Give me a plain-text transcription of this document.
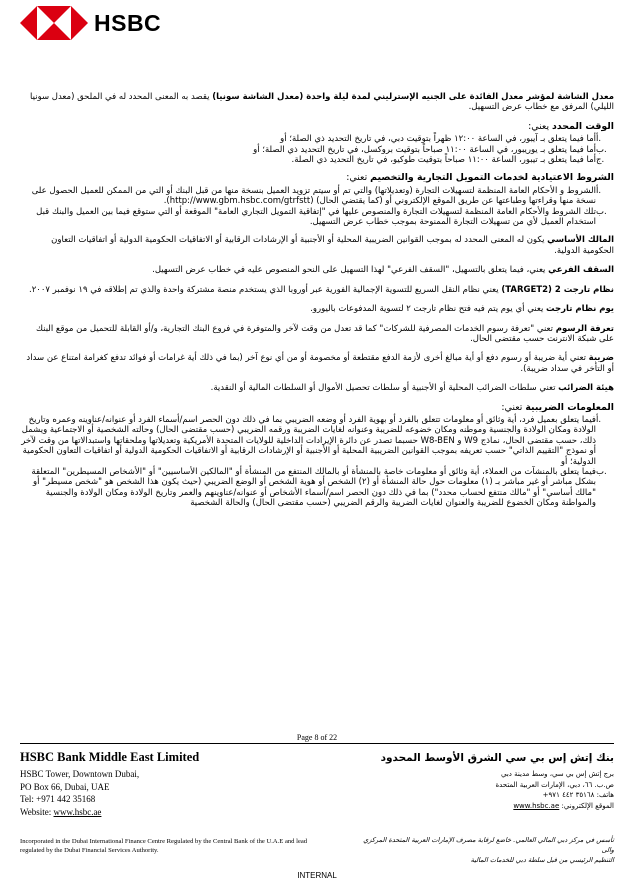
HSBC

معدل الشاشة لمؤشر معدل الفائدة على الجنيه الإسترليني لمدة ليلة واحدة (معدل الشاشة سونيا) يقصد به المعنى المحدد له في الملحق (معدل سونيا الليلي) المرفق مع خطاب عرض التسهيل.

الوقت المحدد يعني:
أ.
أما فيما يتعلق بـ آيبور، في الساعة ١٢:٠٠ ظهراً بتوقيت دبي، في تاريخ التحديد ذي الصلة؛ أو
ب.
أما فيما يتعلق بـ يوريبور، في الساعة ١١:٠٠ صباحاً بتوقيت بروكسل، في تاريخ التحديد ذي الصلة؛ أو
ج.
أما فيما يتعلق بـ تيبور، الساعة ١١:٠٠ صباحاً بتوقيت طوكيو، في تاريخ التحديد ذي الصلة.
الشروط الاعتيادية لخدمات التمويل التجارية والتخصيم تعني:
أ.
الشروط و الأحكام العامة المنظمة لتسهيلات التجارة (وتعديلاتها) والتي تم أو سيتم تزويد العميل بنسخة منها من قبل البنك أو التي من الممكن للعميل الحصول على نسخة منها وقراءتها وطباعتها عن طريق الموقع الإلكتروني أو (كما يقتضي الحال) (http://www.gbm.hsbc.com/gtrfstt).
ب.
تلك الشروط والأحكام العامة المنظمة لتسهيلات التجارة والمنصوص عليها في "إتفاقية التمويل التجاري العامة" الموقعة أو التي ستوقع فيما بين العميل والبنك قبل استخدام العميل لأي من تسهيلات التجارة الممنوحة بموجب خطاب عرض التسهيل.

المالك الأساسي يكون له المعنى المحدد له بموجب القوانين الضريبية المحلية أو الأجنبية أو الإرشادات الرقابية أو الاتفاقيات الحكومية الدولية أو اتفاقيات التعاون الحكومية الدولية.

السقف الفرعي يعني، فيما يتعلق بالتسهيل، "السقف الفرعي" لهذا التسهيل على النحو المنصوص عليه في خطاب عرض التسهيل.

نظام تارجت 2 (TARGET2) يعني نظام النقل السريع للتسوية الإجمالية الفورية عبر أوروبا الذي يستخدم منصة مشتركة واحدة والذي تم إطلاقه في ١٩ نوفمبر ٢٠٠٧.

يوم نظام تارجت يعني أي يوم يتم فيه فتح نظام تارجت ٢ لتسوية المدفوعات باليورو.

تعرفة الرسوم تعني "تعرفة رسوم الخدمات المصرفية للشركات" كما قد تعدل من وقت لآخر والمتوفرة في فروع البنك التجارية، و/أو القابلة للتحميل من موقع البنك على شبكة الانترنت حسب مقتضى الحال.

ضريبة تعني أية ضريبة أو رسوم دفع أو أية مبالغ أخرى لأزمة الدفع مقتطعة أو مخصومة أو من أي نوع آخر (بما في ذلك أية غرامات أو فوائد تدفع كغرامة امتناع عن سداد أو التأخر في سداد ضريبة).

هيئة الضرائب تعني سلطات الضرائب المحلية أو الأجنبية أو سلطات تحصيل الأموال أو السلطات المالية أو النقدية.

المعلومات الضريبية تعني:
أ.
فيما يتعلق بعميل فرد، أية وثائق أو معلومات تتعلق بالفرد أو بهوية الفرد أو وضعه الضريبي بما في ذلك دون الحصر اسم/أسماء الفرد أو عنوانه/عناوينه وعمره وتاريخ الولادة ومكان الولادة والجنسية وموطنه ومكان خضوعه للضريبة وعنوانه لغايات الضريبة ورقمه الضريبي (حسب مقتضى الحال) وحالته الشخصية أو الاجتماعية ويشمل ذلك، حسب مقتضى الحال، نماذج W9 و W8-BEN حسبما تصدر عن دائرة الإيرادات الداخلية للولايات المتحدة الأمريكية وتعديلاتها وملحقاتها واستبدالاتها من وقت لآخر أو نموذج "التقييم الذاتي" حسب تعريفه بموجب القوانين الضريبية المحلية أو الأجنبية أو الإرشادات الرقابية أو الاتفاقيات الحكومية الدولية أو اتفاقيات التعاون الحكومية الدولية؛ أو
ب.
فيما يتعلق بالمنشآت من العملاء، أية وثائق أو معلومات خاصة بالمنشأة أو بالمالك المنتفع من المنشأة أو "المالكين الأساسيين" أو "الأشخاص المسيطرين" المتعلقة بشكل مباشر أو غير مباشر بـ (١) معلومات حول حالة المنشأة أو (٢) الشخص أو هوية الشخص أو الوضع الضريبي (حيث يكون هذا الشخص هو "شخص مسيطر" أو "مالك أساسي" أو "مالك منتفع لحساب محدد") بما في ذلك دون الحصر اسم/أسماء الأشخاص أو عنوانه/عناوينهم والعمر وتاريخ الولادة ومكان الولادة والجنسية والمواطنة ومكان الخضوع للضريبة والعنوان لغايات الضريبة والرقم الضريبي (حسب مقتضى الحال) والحالة الشخصية
Page 8 of 22
HSBC Bank Middle East Limited
HSBC Tower, Downtown Dubai,
PO Box 66, Dubai, UAE
Tel: +971 442 35168
Website: www.hsbc.ae
بنك إتش إس بي سي الشرق الأوسط المحدود
برج إتش إس بي سي، وسط مدينة دبي
ص.ب. ٦٦، دبي، الإمارات العربية المتحدة
هاتف: ٣٥١٦٨ ٤٤٢ ٩٧١+
الموقع الإلكتروني: www.hsbc.ae
Incorporated in the Dubai International Finance Centre Regulated by the Central Bank of the U.A.E and lead regulated by the Dubai Financial Services Authority.
تأسس في مركز دبي المالي العالمي. خاضع لرقابة مصرف الإمارات العربية المتحدة المركزي والى
التنظيم الرئيسي من قبل سلطة دبي للخدمات المالية
INTERNAL
